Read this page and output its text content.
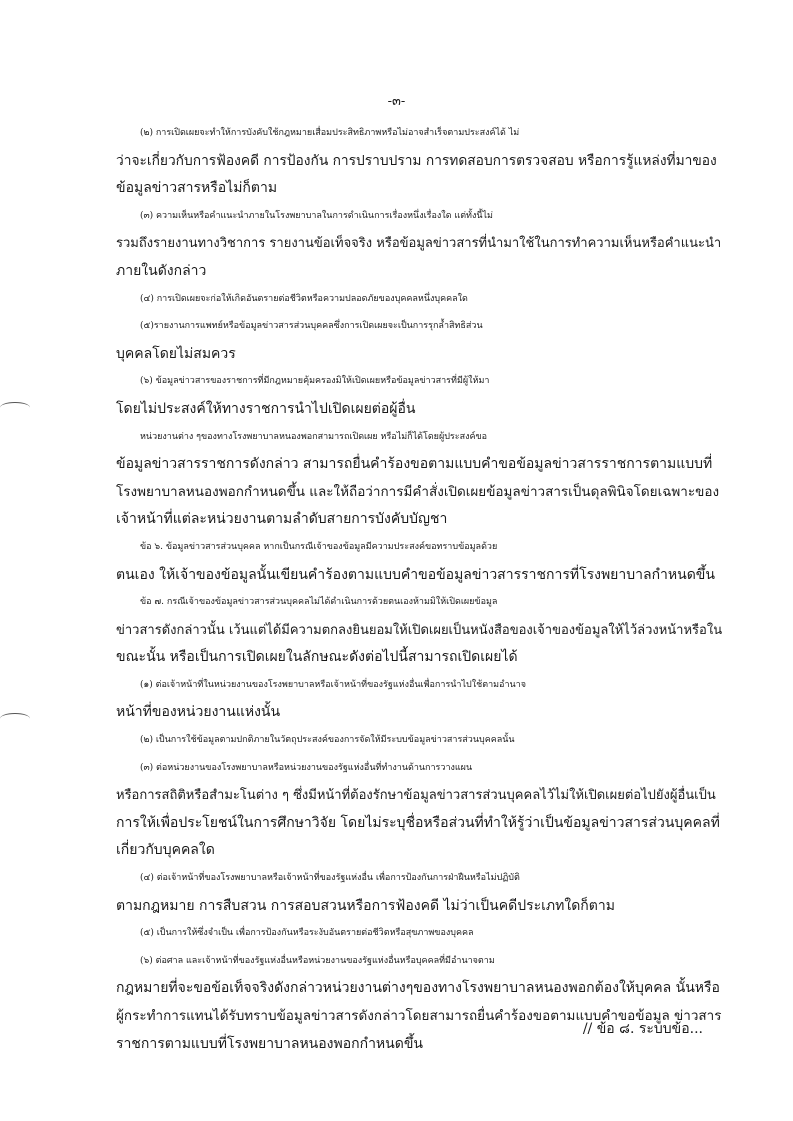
-๓-
(๒) การเปิดเผยจะทำให้การบังคับใช้กฎหมายเสื่อมประสิทธิภาพหรือไม่อาจสำเร็จตามประสงค์ได้ ไม่
ว่าจะเกี่ยวกับการฟ้องคดี การป้องกัน การปราบปราม การทดสอบการตรวจสอบ หรือการรู้แหล่งที่มาของ
ข้อมูลข่าวสารหรือไม่ก็ตาม
(๓) ความเห็นหรือคำแนะนำภายในโรงพยาบาลในการดำเนินการเรื่องหนึ่งเรื่องใด แต่ทั้งนี้ไม่
รวมถึงรายงานทางวิชาการ รายงานข้อเท็จจริง หรือข้อมูลข่าวสารที่นำมาใช้ในการทำความเห็นหรือคำแนะนำ
ภายในดังกล่าว
(๔) การเปิดเผยจะก่อให้เกิดอันตรายต่อชีวิตหรือความปลอดภัยของบุคคลหนึ่งบุคคลใด
(๕)รายงานการแพทย์หรือข้อมูลข่าวสารส่วนบุคคลซึ่งการเปิดเผยจะเป็นการรุกล้ำสิทธิส่วน
บุคคลโดยไม่สมควร
(๖) ข้อมูลข่าวสารของราชการที่มีกฎหมายคุ้มครองมิให้เปิดเผยหรือข้อมูลข่าวสารที่มีผู้ให้มา
โดยไม่ประสงค์ให้ทางราชการนำไปเปิดเผยต่อผู้อื่น
หน่วยงานต่าง ๆของทางโรงพยาบาลหนองพอกสามารถเปิดเผย หรือไม่ก็ได้โดยผู้ประสงค์ขอ
ข้อมูลข่าวสารราชการดังกล่าว สามารถยื่นคำร้องขอตามแบบคำขอข้อมูลข่าวสารราชการตามแบบที่
โรงพยาบาลหนองพอกกำหนดขึ้น และให้ถือว่าการมีคำสั่งเปิดเผยข้อมูลข่าวสารเป็นดุลพินิจโดยเฉพาะของ
เจ้าหน้าที่แต่ละหน่วยงานตามลำดับสายการบังคับบัญชา
ข้อ ๖. ข้อมูลข่าวสารส่วนบุคคล หากเป็นกรณีเจ้าของข้อมูลมีความประสงค์ขอทราบข้อมูลด้วย
ตนเอง ให้เจ้าของข้อมูลนั้นเขียนคำร้องตามแบบคำขอข้อมูลข่าวสารราชการที่โรงพยาบาลกำหนดขึ้น
ข้อ ๗. กรณีเจ้าของข้อมูลข่าวสารส่วนบุคคลไม่ได้ดำเนินการด้วยตนเองห้ามมิให้เปิดเผยข้อมูล
ข่าวสารดังกล่าวนั้น เว้นแต่ได้มีความตกลงยินยอมให้เปิดเผยเป็นหนังสือของเจ้าของข้อมูลให้ไว้ล่วงหน้าหรือใน
ขณะนั้น หรือเป็นการเปิดเผยในลักษณะดังต่อไปนี้สามารถเปิดเผยได้
(๑) ต่อเจ้าหน้าที่ในหน่วยงานของโรงพยาบาลหรือเจ้าหน้าที่ของรัฐแห่งอื่นเพื่อการนำไปใช้ตามอำนาจ
หน้าที่ของหน่วยงานแห่งนั้น
(๒) เป็นการใช้ข้อมูลตามปกติภายในวัตถุประสงค์ของการจัดให้มีระบบข้อมูลข่าวสารส่วนบุคคลนั้น
(๓) ต่อหน่วยงานของโรงพยาบาลหรือหน่วยงานของรัฐแห่งอื่นที่ทำงานด้านการวางแผน
หรือการสถิติหรือสำมะโนต่าง ๆ ซึ่งมีหน้าที่ต้องรักษาข้อมูลข่าวสารส่วนบุคคลไว้ไม่ให้เปิดเผยต่อไปยังผู้อื่นเป็น
การให้เพื่อประโยชน์ในการศึกษาวิจัย โดยไม่ระบุชื่อหรือส่วนที่ทำให้รู้ว่าเป็นข้อมูลข่าวสารส่วนบุคคลที่
เกี่ยวกับบุคคลใด
(๔) ต่อเจ้าหน้าที่ของโรงพยาบาลหรือเจ้าหน้าที่ของรัฐแห่งอื่น เพื่อการป้องกันการฝ่าฝืนหรือไม่ปฏิบัติ
ตามกฎหมาย การสืบสวน การสอบสวนหรือการฟ้องคดี ไม่ว่าเป็นคดีประเภทใดก็ตาม
(๕) เป็นการให้ซึ่งจำเป็น เพื่อการป้องกันหรือระงับอันตรายต่อชีวิตหรือสุขภาพของบุคคล
(๖) ต่อศาล และเจ้าหน้าที่ของรัฐแห่งอื่นหรือหน่วยงานของรัฐแห่งอื่นหรือบุคคลที่มีอำนาจตาม
กฎหมายที่จะขอข้อเท็จจริงดังกล่าวหน่วยงานต่างๆของทางโรงพยาบาลหนองพอกต้องให้บุคคล นั้นหรือ
ผู้กระทำการแทนได้รับทราบข้อมูลข่าวสารดังกล่าวโดยสามารถยื่นคำร้องขอตามแบบคำขอข้อมูล ข่าวสาร
ราชการตามแบบที่โรงพยาบาลหนองพอกกำหนดขึ้น
// ข้อ ๘. ระบบข้อ...
